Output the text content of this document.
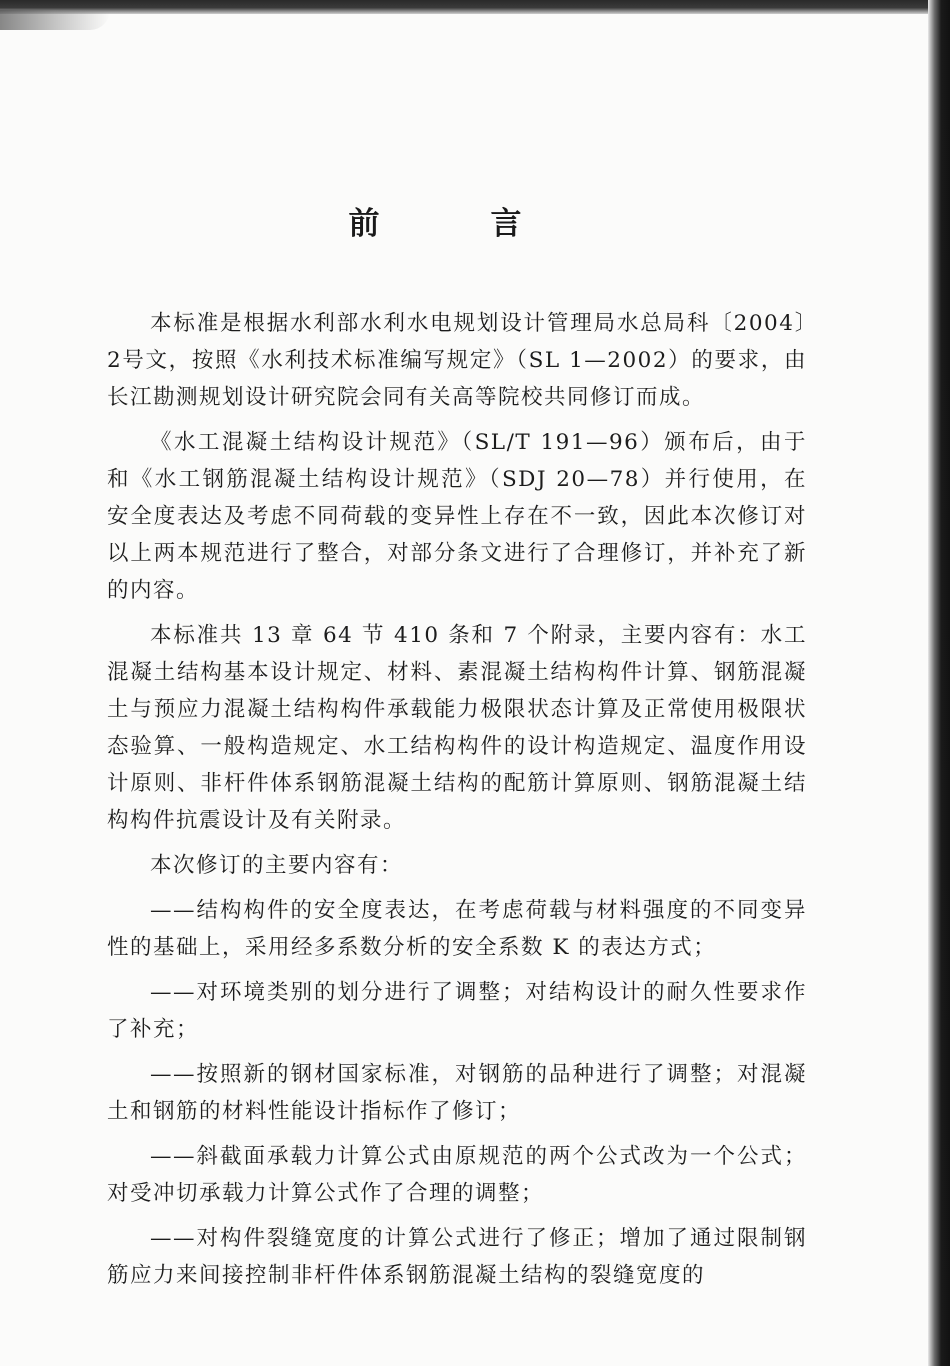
前　言

本标准是根据水利部水利水电规划设计管理局水总局科〔2004〕2号文，按照《水利技术标准编写规定》（SL 1—2002）的要求，由长江勘测规划设计研究院会同有关高等院校共同修订而成。

《水工混凝土结构设计规范》（SL/T 191—96）颁布后，由于和《水工钢筋混凝土结构设计规范》（SDJ 20—78）并行使用，在安全度表达及考虑不同荷载的变异性上存在不一致，因此本次修订对以上两本规范进行了整合，对部分条文进行了合理修订，并补充了新的内容。

本标准共 13 章 64 节 410 条和 7 个附录，主要内容有：水工混凝土结构基本设计规定、材料、素混凝土结构构件计算、钢筋混凝土与预应力混凝土结构构件承载能力极限状态计算及正常使用极限状态验算、一般构造规定、水工结构构件的设计构造规定、温度作用设计原则、非杆件体系钢筋混凝土结构的配筋计算原则、钢筋混凝土结构构件抗震设计及有关附录。

本次修订的主要内容有：

——结构构件的安全度表达，在考虑荷载与材料强度的不同变异性的基础上，采用经多系数分析的安全系数 K 的表达方式；

——对环境类别的划分进行了调整；对结构设计的耐久性要求作了补充；

——按照新的钢材国家标准，对钢筋的品种进行了调整；对混凝土和钢筋的材料性能设计指标作了修订；

——斜截面承载力计算公式由原规范的两个公式改为一个公式；对受冲切承载力计算公式作了合理的调整；

——对构件裂缝宽度的计算公式进行了修正；增加了通过限制钢筋应力来间接控制非杆件体系钢筋混凝土结构的裂缝宽度的
